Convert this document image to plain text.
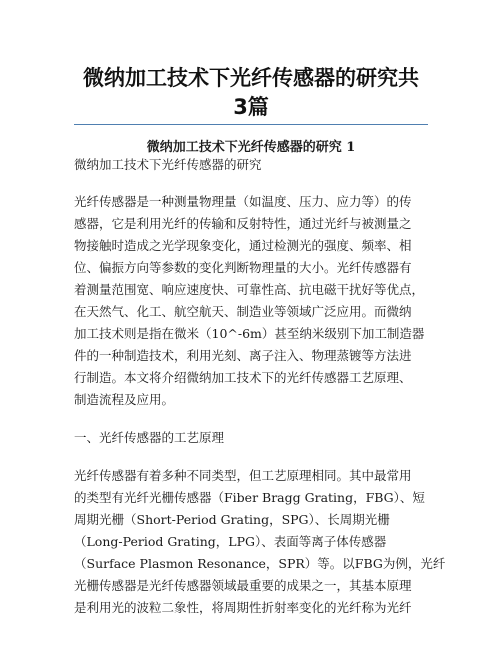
微纳加工技术下光纤传感器的研究共
3篇
微纳加工技术下光纤传感器的研究 1

微纳加工技术下光纤传感器的研究

光纤传感器是一种测量物理量（如温度、压力、应力等）的传

感器，它是利用光纤的传输和反射特性，通过光纤与被测量之

物接触时造成之光学现象变化，通过检测光的强度、频率、相

位、偏振方向等参数的变化判断物理量的大小。光纤传感器有

着测量范围宽、响应速度快、可靠性高、抗电磁干扰好等优点，

在天然气、化工、航空航天、制造业等领域广泛应用。而微纳

加工技术则是指在微米（10^-6m）甚至纳米级别下加工制造器

件的一种制造技术，利用光刻、离子注入、物理蒸镀等方法进

行制造。本文将介绍微纳加工技术下的光纤传感器工艺原理、

制造流程及应用。

一、光纤传感器的工艺原理

光纤传感器有着多种不同类型，但工艺原理相同。其中最常用

的类型有光纤光栅传感器（Fiber Bragg Grating，FBG）、短

周期光栅（Short-Period Grating，SPG）、长周期光栅

（Long-Period Grating，LPG）、表面等离子体传感器

（Surface Plasmon Resonance，SPR）等。以FBG为例，光纤

光栅传感器是光纤传感器领域最重要的成果之一，其基本原理

是利用光的波粒二象性，将周期性折射率变化的光纤称为光纤
